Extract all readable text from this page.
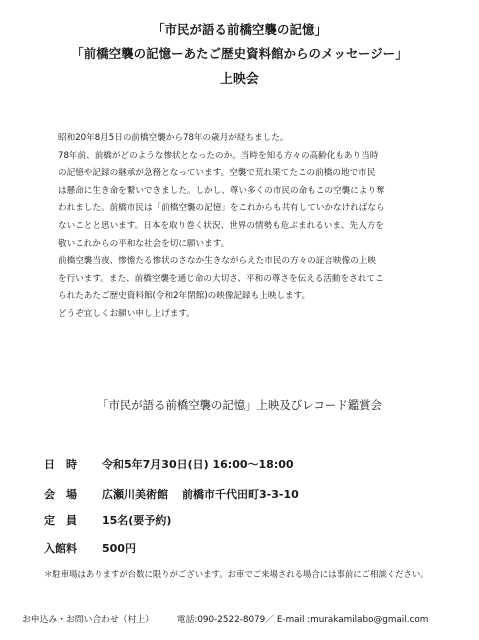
「市民が語る前橋空襲の記憶」
「前橋空襲の記憶ーあたご歴史資料館からのメッセージー」
上映会

昭和20年8月5日の前橋空襲から78年の歳月が経ちました。

78年前、前橋がどのような惨状となったのか。当時を知る方々の高齢化もあり当時

の記憶や記録の継承が急務となっています。空襲で荒れ果てたこの前橋の地で市民

は懸命に生き命を繋いできました。しかし、尊い多くの市民の命もこの空襲により奪

われました。前橋市民は「前橋空襲の記憶」をこれからも共有していかなければなら

ないことと思います。日本を取り巻く状況、世界の情勢も危ぶまれるいま、先人方を

敬いこれからの平和な社会を切に願います。

前橋空襲当夜、惨憺たる惨状のさなか生きながらえた市民の方々の証言映像の上映

を行います。また、前橋空襲を通じ命の大切さ、平和の尊さを伝える活動をされてこ

られたあたご歴史資料館(令和2年閉館)の映像記録も上映します。

どうぞ宜しくお願い申し上げます。

「市民が語る前橋空襲の記憶」上映及びレコード鑑賞会
日　時	令和5年7月30日(日) 16:00〜18:00
会　場	広瀬川美術館 前橋市千代田町3-3-10
定　員	15名(要予約)
入館料	500円
＊駐車場はありますが台数に限りがございます。お車でご来場される場合には事前にご相談ください。
お申込み・お問い合わせ（村上）	電話:090-2522-8079／ E-mail :murakamilabo@gmail.com
